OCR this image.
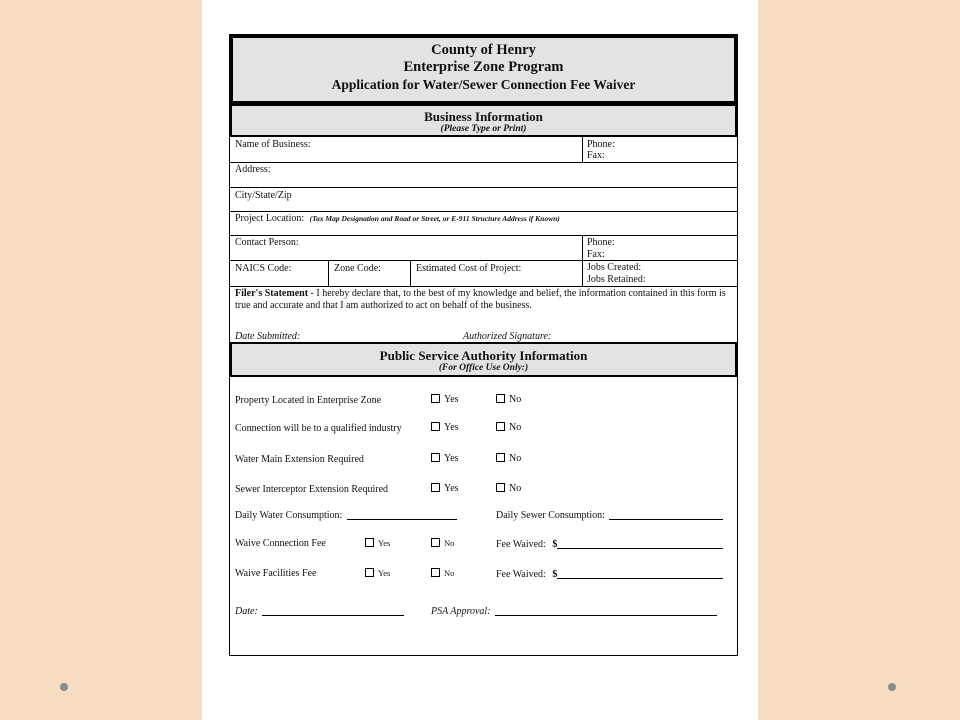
County of Henry
Enterprise Zone Program
Application for Water/Sewer Connection Fee Waiver
Business Information
(Please Type or Print)
Name of Business:	Phone:
Fax:
Address:
City/State/Zip
Project Location: (Tax Map Designation and Road or Street, or E-911 Structure Address if Known)
Contact Person:	Phone:
Fax:
NAICS Code:	Zone Code:	Estimated Cost of Project:	Jobs Created:
Jobs Retained:
Filer's Statement - I hereby declare that, to the best of my knowledge and belief, the information contained in this form is true and accurate and that I am authorized to act on behalf of the business.
Date Submitted:	Authorized Signature:
Public Service Authority Information
(For Office Use Only:)
Property Located in Enterprise Zone	Yes	No
Connection will be to a qualified industry	Yes	No
Water Main Extension Required	Yes	No
Sewer Interceptor Extension Required	Yes	No
Daily Water Consumption:	Daily Sewer Consumption:
Waive Connection Fee	Yes	No	Fee Waived: $
Waive Facilities Fee	Yes	No	Fee Waived: $
Date:	PSA Approval:
